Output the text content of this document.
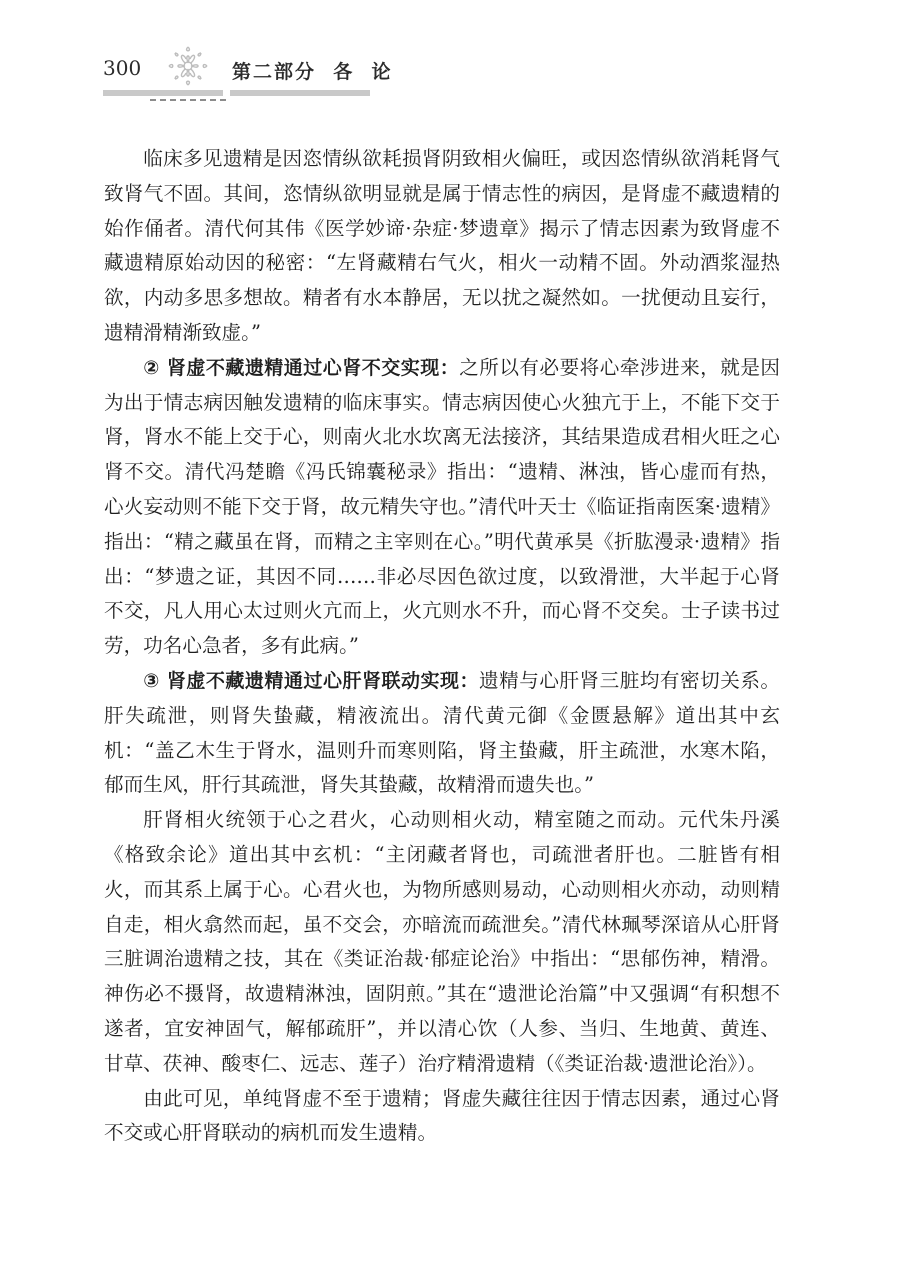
300	第二部分  各  论

临床多见遗精是因恣情纵欲耗损肾阴致相火偏旺，或因恣情纵欲消耗肾气致肾气不固。其间，恣情纵欲明显就是属于情志性的病因，是肾虚不藏遗精的始作俑者。清代何其伟《医学妙谛·杂症·梦遗章》揭示了情志因素为致肾虚不藏遗精原始动因的秘密：“左肾藏精右气火，相火一动精不固。外动酒浆湿热欲，内动多思多想故。精者有水本静居，无以扰之凝然如。一扰便动且妄行，遗精滑精渐致虚。”

② 肾虚不藏遗精通过心肾不交实现：之所以有必要将心牵涉进来，就是因为出于情志病因触发遗精的临床事实。情志病因使心火独亢于上，不能下交于肾，肾水不能上交于心，则南火北水坎离无法接济，其结果造成君相火旺之心肾不交。清代冯楚瞻《冯氏锦囊秘录》指出：“遗精、淋浊，皆心虚而有热，心火妄动则不能下交于肾，故元精失守也。”清代叶天士《临证指南医案·遗精》指出：“精之藏虽在肾，而精之主宰则在心。”明代黄承昊《折肱漫录·遗精》指出：“梦遗之证，其因不同……非必尽因色欲过度，以致滑泄，大半起于心肾不交，凡人用心太过则火亢而上，火亢则水不升，而心肾不交矣。士子读书过劳，功名心急者，多有此病。”

③ 肾虚不藏遗精通过心肝肾联动实现：遗精与心肝肾三脏均有密切关系。肝失疏泄，则肾失蛰藏，精液流出。清代黄元御《金匮悬解》道出其中玄机：“盖乙木生于肾水，温则升而寒则陷，肾主蛰藏，肝主疏泄，水寒木陷，郁而生风，肝行其疏泄，肾失其蛰藏，故精滑而遗失也。”

肝肾相火统领于心之君火，心动则相火动，精室随之而动。元代朱丹溪《格致余论》道出其中玄机：“主闭藏者肾也，司疏泄者肝也。二脏皆有相火，而其系上属于心。心君火也，为物所感则易动，心动则相火亦动，动则精自走，相火翕然而起，虽不交会，亦暗流而疏泄矣。”清代林珮琴深谙从心肝肾三脏调治遗精之技，其在《类证治裁·郁症论治》中指出：“思郁伤神，精滑。神伤必不摄肾，故遗精淋浊，固阴煎。”其在“遗泄论治篇”中又强调“有积想不遂者，宜安神固气，解郁疏肝”，并以清心饮（人参、当归、生地黄、黄连、甘草、茯神、酸枣仁、远志、莲子）治疗精滑遗精（《类证治裁·遗泄论治》）。

由此可见，单纯肾虚不至于遗精；肾虚失藏往往因于情志因素，通过心肾不交或心肝肾联动的病机而发生遗精。
